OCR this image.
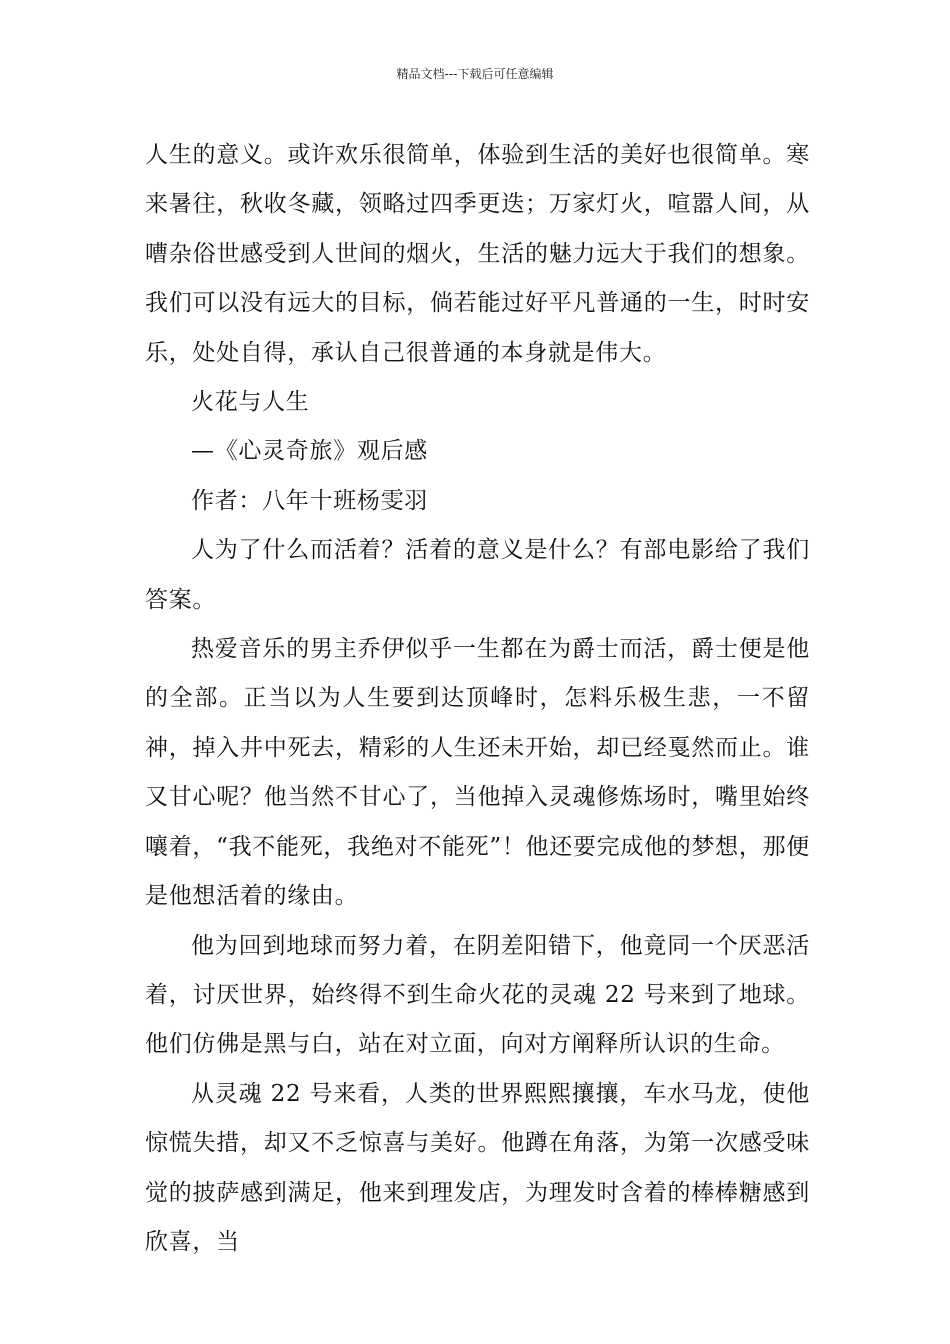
精品文档---下载后可任意编辑

人生的意义。或许欢乐很简单，体验到生活的美好也很简单。寒来暑往，秋收冬藏，领略过四季更迭；万家灯火，喧嚣人间，从嘈杂俗世感受到人世间的烟火，生活的魅力远大于我们的想象。我们可以没有远大的目标，倘若能过好平凡普通的一生，时时安乐，处处自得，承认自己很普通的本身就是伟大。

火花与人生

—《心灵奇旅》观后感

作者：八年十班杨雯羽

人为了什么而活着？活着的意义是什么？有部电影给了我们答案。

热爱音乐的男主乔伊似乎一生都在为爵士而活，爵士便是他的全部。正当以为人生要到达顶峰时，怎料乐极生悲，一不留神，掉入井中死去，精彩的人生还未开始，却已经戛然而止。谁又甘心呢？他当然不甘心了，当他掉入灵魂修炼场时，嘴里始终嚷着，“我不能死，我绝对不能死”！他还要完成他的梦想，那便是他想活着的缘由。

他为回到地球而努力着，在阴差阳错下，他竟同一个厌恶活着，讨厌世界，始终得不到生命火花的灵魂 22 号来到了地球。他们仿佛是黑与白，站在对立面，向对方阐释所认识的生命。

从灵魂 22 号来看，人类的世界熙熙攘攘，车水马龙，使他惊慌失措，却又不乏惊喜与美好。他蹲在角落，为第一次感受味觉的披萨感到满足，他来到理发店，为理发时含着的棒棒糖感到欣喜，当
